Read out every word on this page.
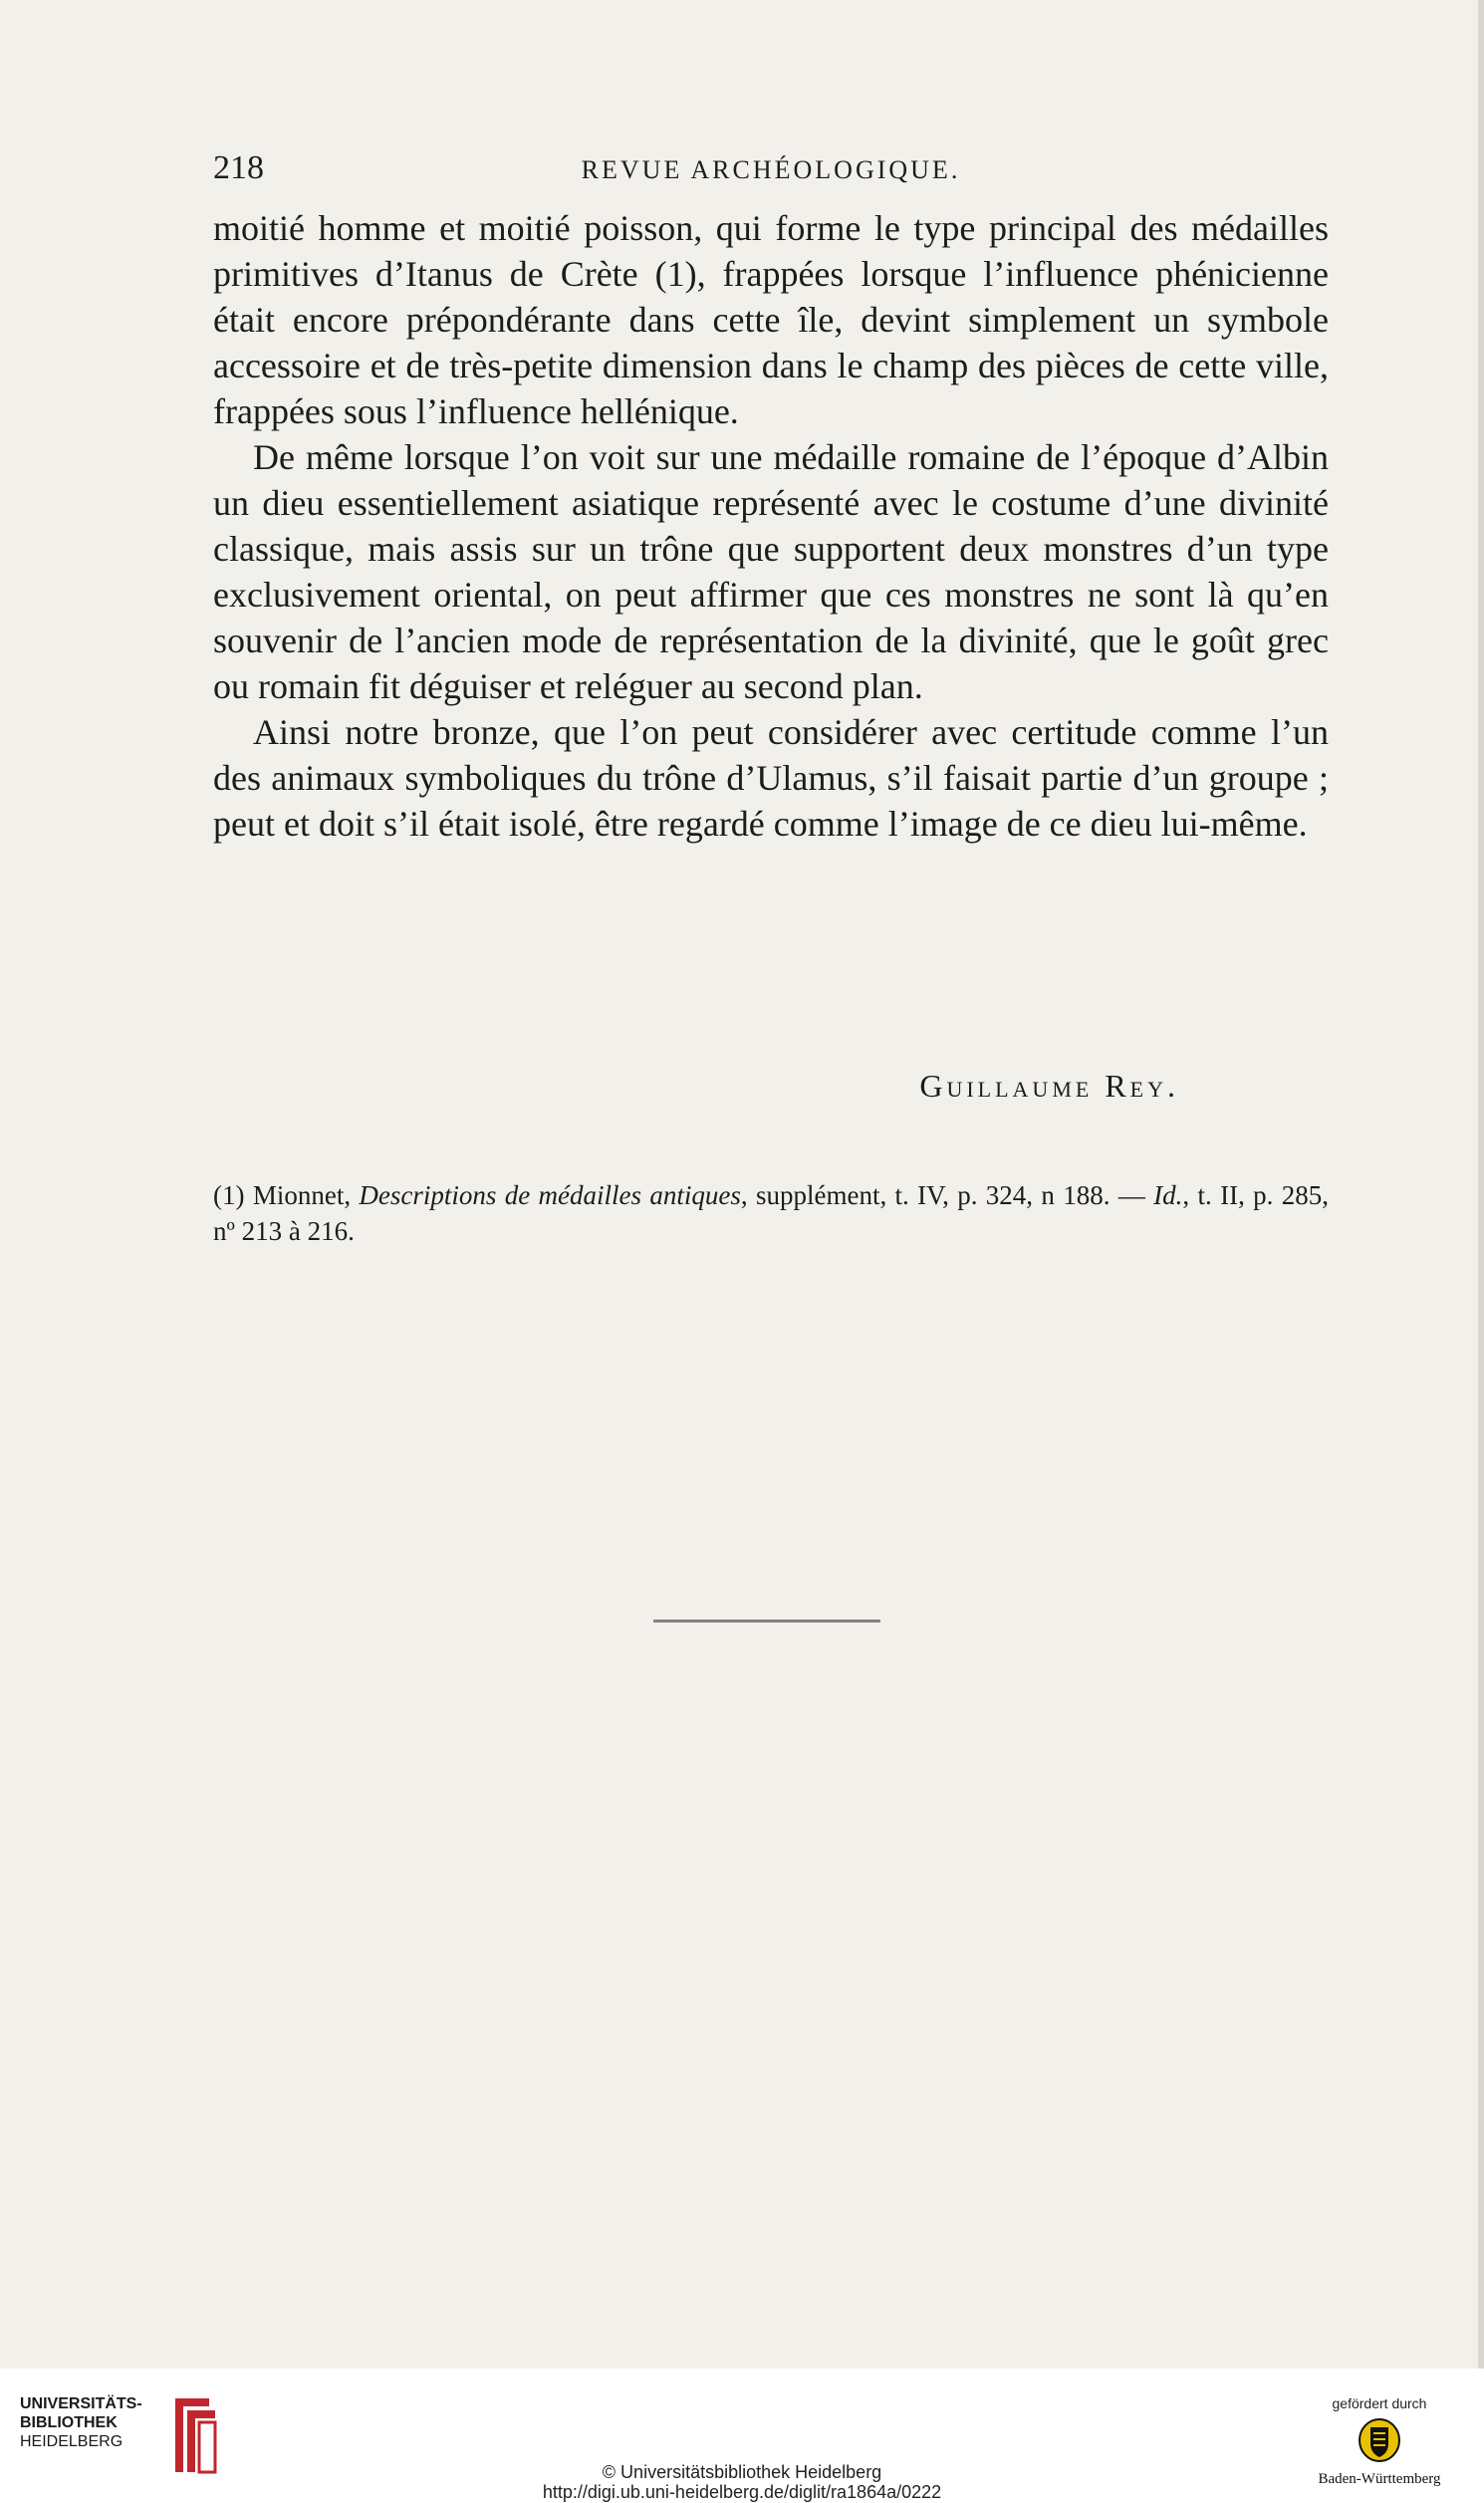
218	REVUE ARCHÉOLOGIQUE.

moitié homme et moitié poisson, qui forme le type principal des médailles primitives d’Itanus de Crète (1), frappées lorsque l’influence phénicienne était encore prépondérante dans cette île, devint simplement un symbole accessoire et de très-petite dimension dans le champ des pièces de cette ville, frappées sous l’influence hellénique.

De même lorsque l’on voit sur une médaille romaine de l’époque d’Albin un dieu essentiellement asiatique représenté avec le costume d’une divinité classique, mais assis sur un trône que supportent deux monstres d’un type exclusivement oriental, on peut affirmer que ces monstres ne sont là qu’en souvenir de l’ancien mode de représentation de la divinité, que le goût grec ou romain fit déguiser et reléguer au second plan.

Ainsi notre bronze, que l’on peut considérer avec certitude comme l’un des animaux symboliques du trône d’Ulamus, s’il faisait partie d’un groupe ; peut et doit s’il était isolé, être regardé comme l’image de ce dieu lui-même.

Guillaume Rey.

(1) Mionnet, Descriptions de médailles antiques, supplément, t. IV, p. 324, n 188. — Id., t. II, p. 285, nº 213 à 216.

UNIVERSITÄTS-
BIBLIOTHEK
HEIDELBERG
© Universitätsbibliothek Heidelberg
http://digi.ub.uni-heidelberg.de/diglit/ra1864a/0222
gefördert durch
Baden-Württemberg
